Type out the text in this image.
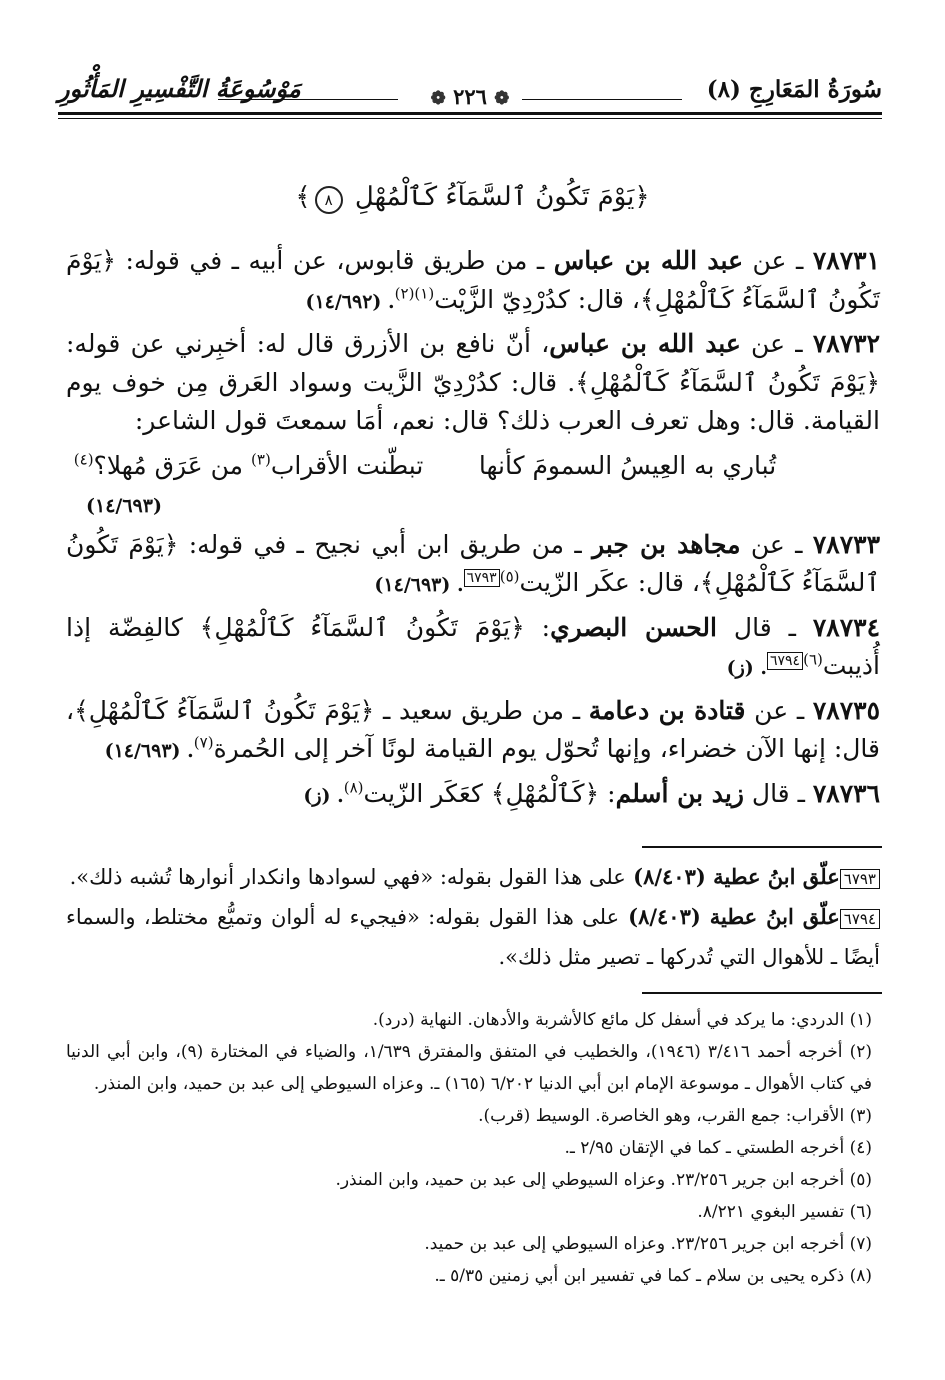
سُورَةُ المَعَارِجِ (٨)
❁ ٢٢٦ ❁
مَوْسُوعَةُ التَّفْسِيرِ المَأْثُورِ
﴿يَوْمَ تَكُونُ ٱلسَّمَآءُ كَٱلْمُهْلِ ٨﴾

٧٨٧٣١ ـ عن عبد الله بن عباس ـ من طريق قابوس، عن أبيه ـ في قوله: ﴿يَوْمَ تَكُونُ ٱلسَّمَآءُ كَٱلْمُهْلِ﴾، قال: كدُرْدِيّ الزَّيْت$^{(١)(٢)}$. (١٤/٦٩٢)

٧٨٧٣٢ ـ عن عبد الله بن عباس، أنّ نافع بن الأزرق قال له: أخبِرني عن قوله: ﴿يَوْمَ تَكُونُ ٱلسَّمَآءُ كَٱلْمُهْلِ﴾. قال: كدُرْدِيّ الزَّيت وسواد العَرق مِن خوف يوم القيامة. قال: وهل تعرف العرب ذلك؟ قال: نعم، أمَا سمعتَ قول الشاعر:

تُباري به العِيسُ السمومَ كأنها
تبطّنت الأقراب$^{(٣)}$ من عَرَق مُهلا؟$^{(٤)}$
(١٤/٦٩٣)

٧٨٧٣٣ ـ عن مجاهد بن جبر ـ من طريق ابن أبي نجيح ـ في قوله: ﴿يَوْمَ تَكُونُ ٱلسَّمَآءُ كَٱلْمُهْلِ﴾، قال: عكَر الزّيت$^{(٥)٦٧٩٣}$. (١٤/٦٩٣)

٧٨٧٣٤ ـ قال الحسن البصري: ﴿يَوْمَ تَكُونُ ٱلسَّمَآءُ كَٱلْمُهْلِ﴾ كالفِضّة إذا أُذيبت$^{(٦)٦٧٩٤}$. (ز)

٧٨٧٣٥ ـ عن قتادة بن دعامة ـ من طريق سعيد ـ ﴿يَوْمَ تَكُونُ ٱلسَّمَآءُ كَٱلْمُهْلِ﴾، قال: إنها الآن خضراء، وإنها تُحوّل يوم القيامة لونًا آخر إلى الحُمرة$^{(٧)}$. (١٤/٦٩٣)

٧٨٧٣٦ ـ قال زيد بن أسلم: ﴿كَٱلْمُهْلِ﴾ كعَكَر الزّيت$^{(٨)}$. (ز)

٦٧٩٣علّق ابنُ عطية (٨/٤٠٣) على هذا القول بقوله: «فهي لسوادها وانكدار أنوارها تُشبه ذلك».

٦٧٩٤علّق ابنُ عطية (٨/٤٠٣) على هذا القول بقوله: «فيجيء له ألوان وتميُّع مختلط، والسماء أيضًا ـ للأهوال التي تُدركها ـ تصير مثل ذلك».

(١) الدردي: ما يركد في أسفل كل مائع كالأشربة والأدهان. النهاية (درد).

(٢) أخرجه أحمد ٣/٤١٦ (١٩٤٦)، والخطيب في المتفق والمفترق ١/٦٣٩، والضياء في المختارة (٩)، وابن أبي الدنيا في كتاب الأهوال ـ موسوعة الإمام ابن أبي الدنيا ٦/٢٠٢ (١٦٥) ـ. وعزاه السيوطي إلى عبد بن حميد، وابن المنذر.

(٣) الأقراب: جمع القرب، وهو الخاصرة. الوسيط (قرب).

(٤) أخرجه الطستي ـ كما في الإتقان ٢/٩٥ ـ.

(٥) أخرجه ابن جرير ٢٣/٢٥٦. وعزاه السيوطي إلى عبد بن حميد، وابن المنذر.

(٦) تفسير البغوي ٨/٢٢١.

(٧) أخرجه ابن جرير ٢٣/٢٥٦. وعزاه السيوطي إلى عبد بن حميد.

(٨) ذكره يحيى بن سلام ـ كما في تفسير ابن أبي زمنين ٥/٣٥ ـ.
